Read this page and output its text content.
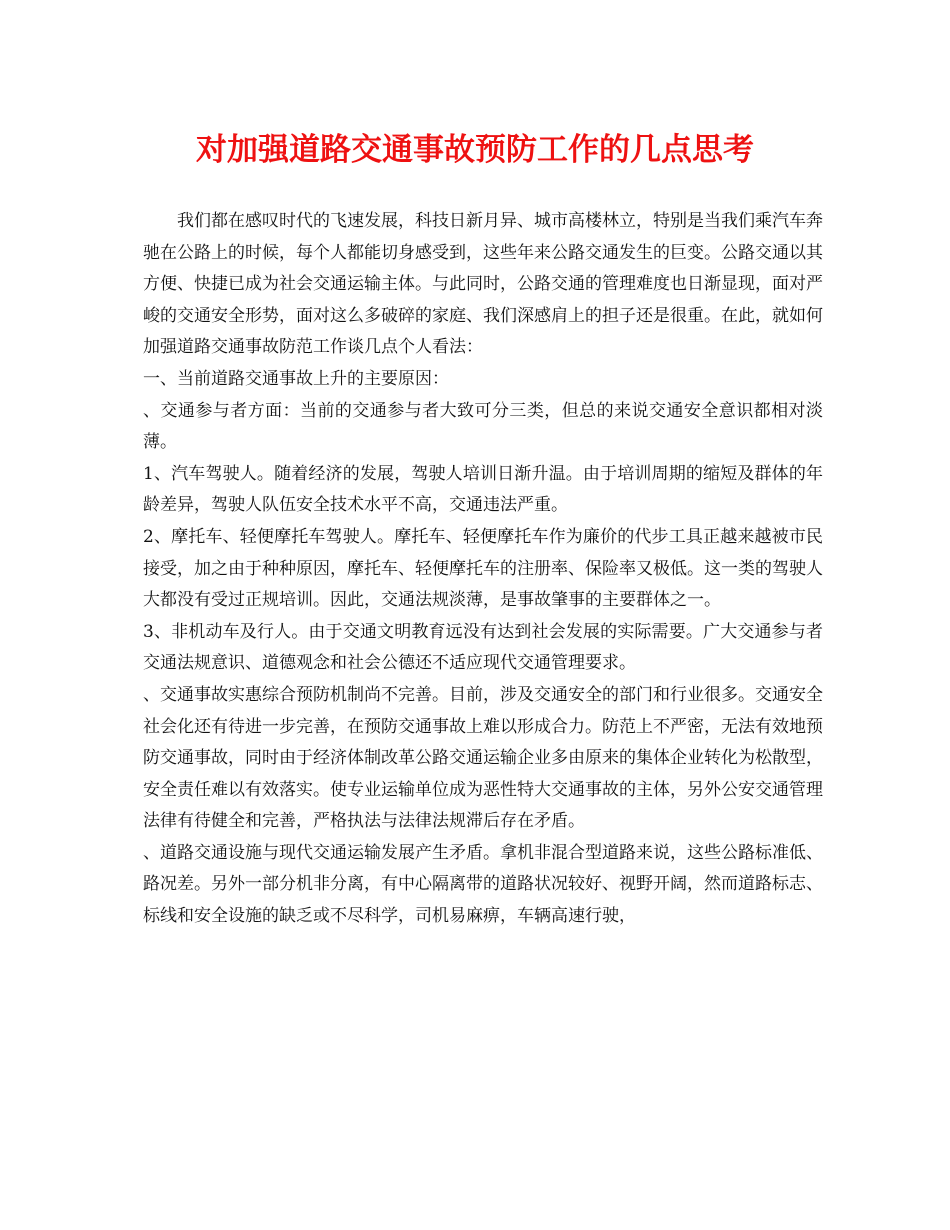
对加强道路交通事故预防工作的几点思考

我们都在感叹时代的飞速发展，科技日新月异、城市高楼林立，特别是当我们乘汽车奔驰在公路上的时候，每个人都能切身感受到，这些年来公路交通发生的巨变。公路交通以其方便、快捷已成为社会交通运输主体。与此同时，公路交通的管理难度也日渐显现，面对严峻的交通安全形势，面对这么多破碎的家庭、我们深感肩上的担子还是很重。在此，就如何加强道路交通事故防范工作谈几点个人看法：

一、当前道路交通事故上升的主要原因：

、交通参与者方面：当前的交通参与者大致可分三类，但总的来说交通安全意识都相对淡薄。

1、汽车驾驶人。随着经济的发展，驾驶人培训日渐升温。由于培训周期的缩短及群体的年龄差异，驾驶人队伍安全技术水平不高，交通违法严重。

2、摩托车、轻便摩托车驾驶人。摩托车、轻便摩托车作为廉价的代步工具正越来越被市民接受，加之由于种种原因，摩托车、轻便摩托车的注册率、保险率又极低。这一类的驾驶人大都没有受过正规培训。因此，交通法规淡薄，是事故肇事的主要群体之一。

3、非机动车及行人。由于交通文明教育远没有达到社会发展的实际需要。广大交通参与者交通法规意识、道德观念和社会公德还不适应现代交通管理要求。

、交通事故实惠综合预防机制尚不完善。目前，涉及交通安全的部门和行业很多。交通安全社会化还有待进一步完善，在预防交通事故上难以形成合力。防范上不严密，无法有效地预防交通事故，同时由于经济体制改革公路交通运输企业多由原来的集体企业转化为松散型，安全责任难以有效落实。使专业运输单位成为恶性特大交通事故的主体，另外公安交通管理法律有待健全和完善，严格执法与法律法规滞后存在矛盾。

、道路交通设施与现代交通运输发展产生矛盾。拿机非混合型道路来说，这些公路标准低、路况差。另外一部分机非分离，有中心隔离带的道路状况较好、视野开阔，然而道路标志、标线和安全设施的缺乏或不尽科学，司机易麻痹，车辆高速行驶，
